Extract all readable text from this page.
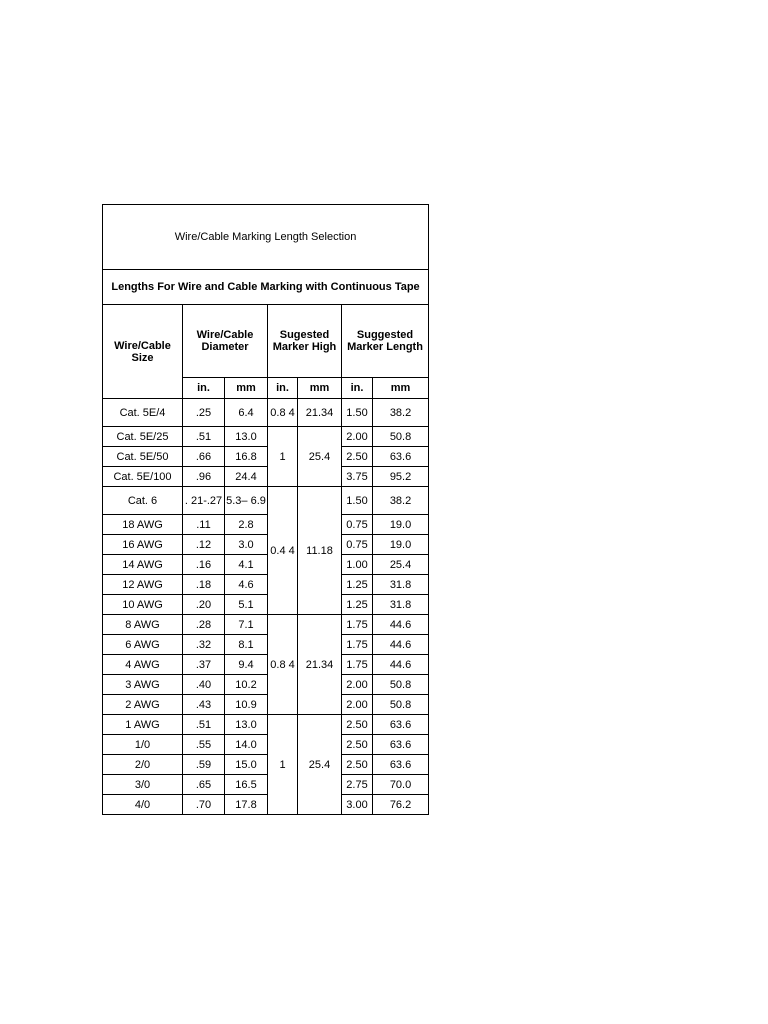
Wire/Cable Marking Length Selection						
Lengths For Wire and Cable Marking with Continuous Tape						
Wire/Cable Size	Wire/Cable Diameter		Sugested Marker High		Suggested Marker Length	
	in.	mm	in.	mm	in.	mm
Cat. 5E/4	.25	6.4	0.8 4	21.34	1.50	38.2
Cat. 5E/25	.51	13.0	1	25.4	2.00	50.8
Cat. 5E/50	.66	16.8			2.50	63.6
Cat. 5E/100	.96	24.4			3.75	95.2
Cat. 6	. 21-.27	5.3– 6.9	0.4 4	11.18	1.50	38.2
18 AWG	.11	2.8			0.75	19.0
16 AWG	.12	3.0			0.75	19.0
14 AWG	.16	4.1			1.00	25.4
12 AWG	.18	4.6			1.25	31.8
10 AWG	.20	5.1			1.25	31.8
8 AWG	.28	7.1	0.8 4	21.34	1.75	44.6
6 AWG	.32	8.1			1.75	44.6
4 AWG	.37	9.4			1.75	44.6
3 AWG	.40	10.2			2.00	50.8
2 AWG	.43	10.9			2.00	50.8
1 AWG	.51	13.0	1	25.4	2.50	63.6
1/0	.55	14.0			2.50	63.6
2/0	.59	15.0			2.50	63.6
3/0	.65	16.5			2.75	70.0
4/0	.70	17.8			3.00	76.2
